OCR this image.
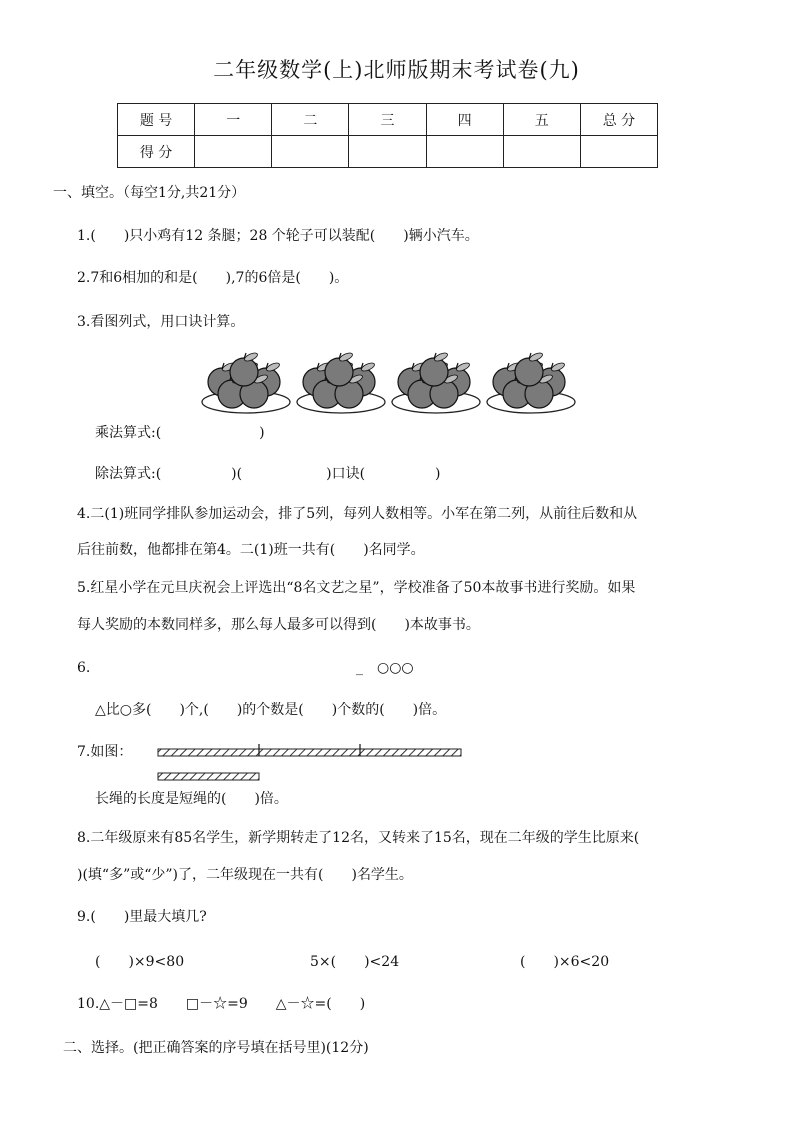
二年级数学(上)北师版期末考试卷(九)
题 号	一	二	三	四	五	总 分
得 分						
一、填空。（每空1分,共21分）
1.(　　)只小鸡有12 条腿；28 个轮子可以装配(　　)辆小汽车。
2.7和6相加的和是(　　),7的6倍是(　　)。
3.看图列式，用口诀计算。
乘法算式:(　　　　　　　)
除法算式:(　　　　　)(　　　　　　)口诀(　　　　　)
4.二(1)班同学排队参加运动会，排了5列，每列人数相等。小军在第二列，从前往后数和从
后往前数，他都排在第4。二(1)班一共有(　　)名同学。
5.红星小学在元旦庆祝会上评选出“8名文艺之星”，学校准备了50本故事书进行奖励。如果
每人奖励的本数同样多，那么每人最多可以得到(　　)本故事书。
6.	_　○○○
△比○多(　　)个,(　　)的个数是(　　)个数的(　　)倍。
7.如图：
长绳的长度是短绳的(　　)倍。
8.二年级原来有85名学生，新学期转走了12名，又转来了15名，现在二年级的学生比原来(
)(填“多”或“少”)了，二年级现在一共有(　　)名学生。
9.(　　)里最大填几?
(　　)×9<80	5×(　　)<24	(　　)×6<20
10.△－□=8　　□－☆=9　　△－☆=(　　)
二、选择。(把正确答案的序号填在括号里)(12分)
